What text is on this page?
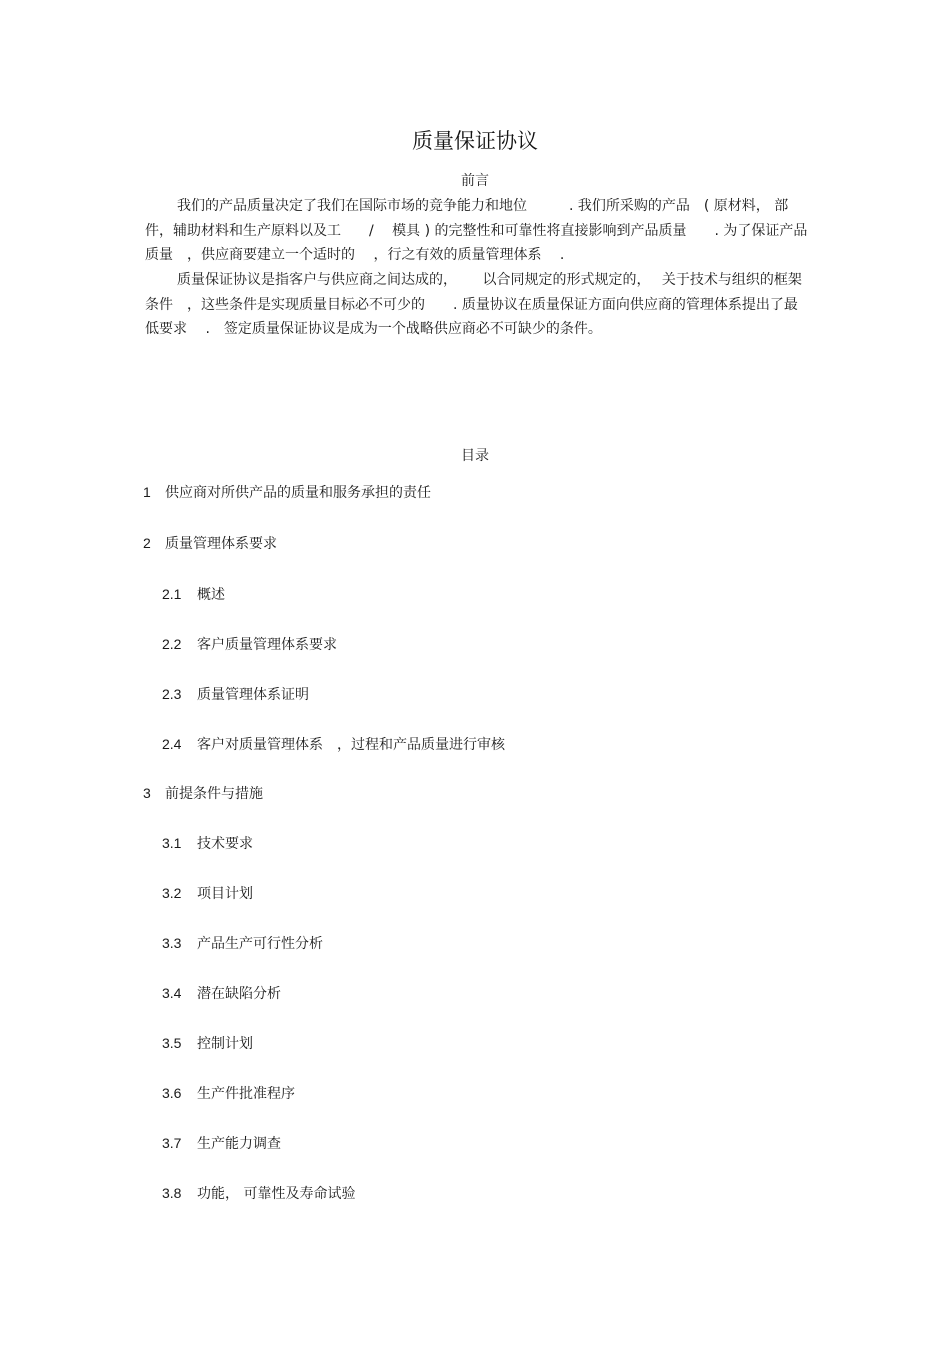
质量保证协议
前言

我们的产品质量决定了我们在国际市场的竞争能力和地位　　　. 我们所采购的产品　( 原材料， 部件，辅助材料和生产原料以及工　　/　 模具 ) 的完整性和可靠性将直接影响到产品质量　　. 为了保证产品质量　，供应商要建立一个适时的　 ，行之有效的质量管理体系　 .

质量保证协议是指客户与供应商之间达成的，　　 以合同规定的形式规定的，　 关于技术与组织的框架条件　，这些条件是实现质量目标必不可少的　　. 质量协议在质量保证方面向供应商的管理体系提出了最低要求　 .　签定质量保证协议是成为一个战略供应商必不可缺少的条件。

目录
1 供应商对所供产品的质量和服务承担的责任
2 质量管理体系要求
2.1 概述
2.2 客户质量管理体系要求
2.3 质量管理体系证明
2.4 客户对质量管理体系　，过程和产品质量进行审核
3 前提条件与措施
3.1 技术要求
3.2 项目计划
3.3 产品生产可行性分析
3.4 潜在缺陷分析
3.5 控制计划
3.6 生产件批准程序
3.7 生产能力调查
3.8 功能， 可靠性及寿命试验
